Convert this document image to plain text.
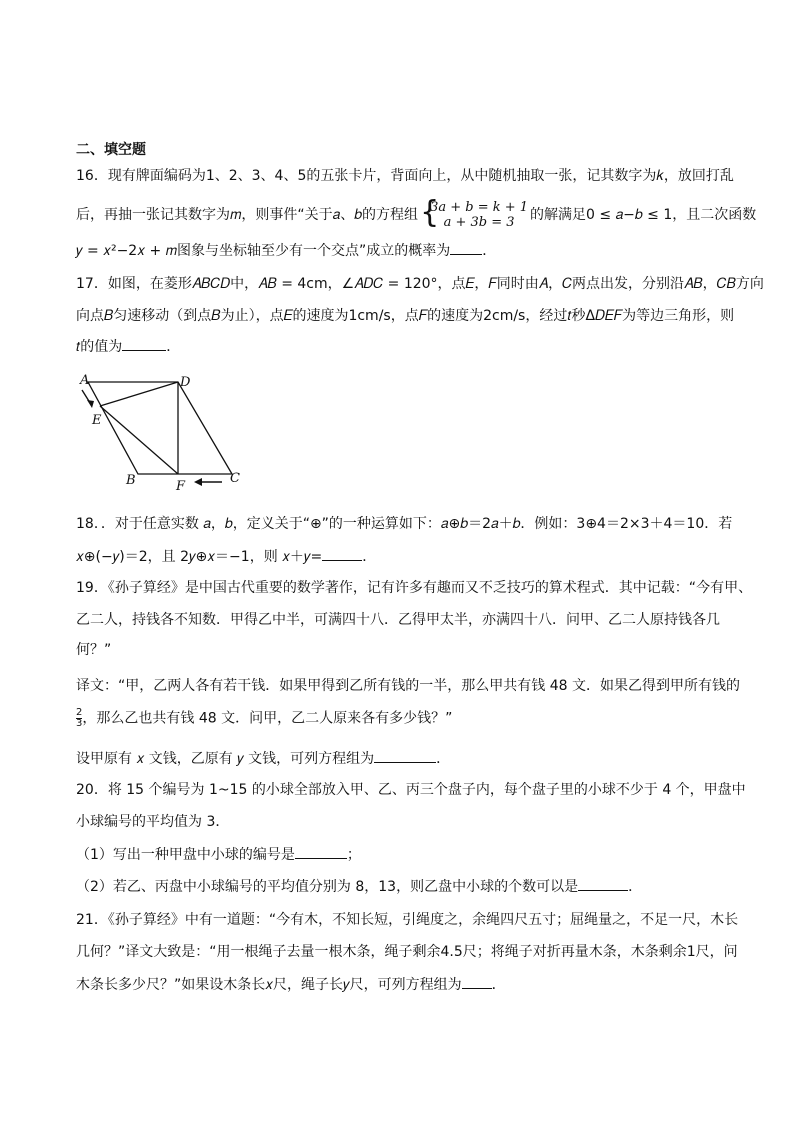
二、填空题
16．现有牌面编码为1、2、3、4、5的五张卡片，背面向上，从中随机抽取一张，记其数字为𝑘，放回打乱
后，再抽一张记其数字为𝑚，则事件“关于𝑎、𝑏的方程组 {
3𝑎 + 𝑏 = 𝑘 + 1
𝑎 + 3𝑏 = 3	的解满足0 ≤ 𝑎−𝑏 ≤ 1，且二次函数
𝑦 = 𝑥²−2𝑥 + 𝑚图象与坐标轴至少有一个交点”成立的概率为 ．
17．如图，在菱形𝐴𝐵𝐶𝐷中，𝐴𝐵 = 4cm，∠𝐴𝐷𝐶 = 120°，点𝐸，𝐹同时由𝐴，𝐶两点出发，分别沿𝐴𝐵，𝐶𝐵方向
向点𝐵匀速移动（到点𝐵为止），点𝐸的速度为1cm/s，点𝐹的速度为2cm/s，经过𝑡秒Δ𝐷𝐸𝐹为等边三角形，则
𝑡的值为	．
A	D
E
B	F
C
18．．对于任意实数 𝑎，𝑏，定义关于“⊕”的一种运算如下：𝑎⊕𝑏＝2𝑎＋𝑏．例如：3⊕4＝2×3＋4＝10．若
𝑥⊕(−𝑦)＝2，且 2𝑦⊕𝑥＝−1，则 𝑥＋𝑦=	．
19．《孙子算经》是中国古代重要的数学著作，记有许多有趣而又不乏技巧的算术程式．其中记载：“今有甲、
乙二人，持钱各不知数．甲得乙中半，可满四十八．乙得甲太半，亦满四十八．问甲、乙二人原持钱各几
何？”
译文：“甲，乙两人各有若干钱．如果甲得到乙所有钱的一半，那么甲共有钱 48 文．如果乙得到甲所有钱的
$\frac{2}{3}$ ，那么乙也共有钱 48 文．问甲，乙二人原来各有多少钱？”
设甲原有 𝑥 文钱，乙原有 𝑦 文钱，可列方程组为	．
20．将 15 个编号为 1~15 的小球全部放入甲、乙、丙三个盘子内，每个盘子里的小球不少于 4 个，甲盘中
小球编号的平均值为 3．
（1）写出一种甲盘中小球的编号是	；
（2）若乙、丙盘中小球编号的平均值分别为 8，13，则乙盘中小球的个数可以是	．
21．《孙子算经》中有一道题：“今有木，不知长短，引绳度之，余绳四尺五寸；屈绳量之，不足一尺，木长
几何？”译文大致是：“用一根绳子去量一根木条，绳子剩余4.5尺；将绳子对折再量木条，木条剩余1尺，问
木条长多少尺？”如果设木条长𝑥尺，绳子长𝑦尺，可列方程组为 ．
